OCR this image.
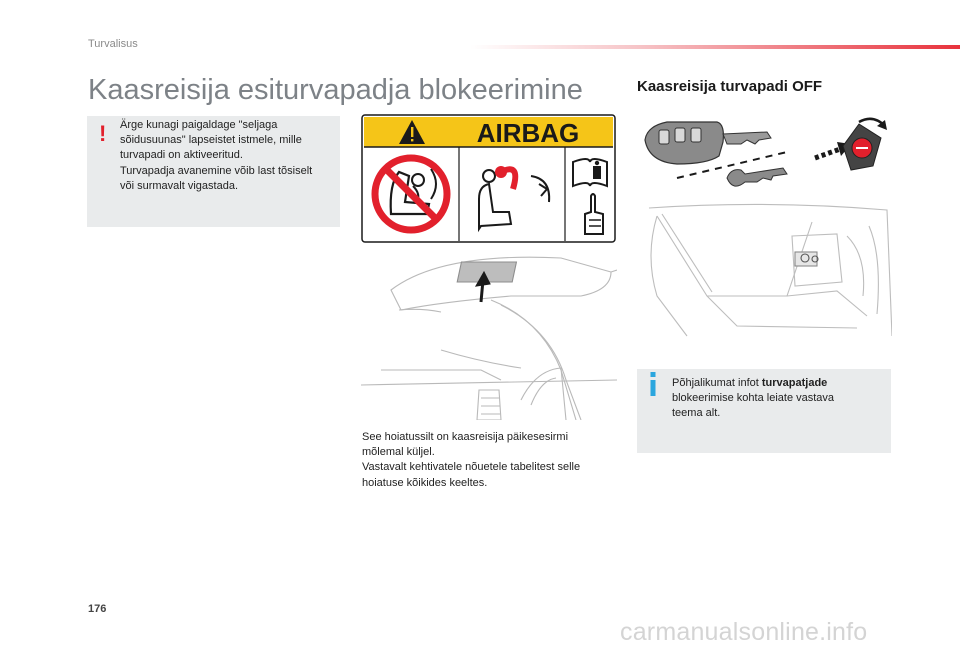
Turvalisus
Kaasreisija esiturvapadja blokeerimine	Kaasreisija turvapadi OFF
! Ärge kunagi paigaldage "seljaga
sõidusuunas" lapseistet istmele, mille
turvapadi on aktiveeritud.
Turvapadja avanemine võib last tõsiselt
või surmavalt vigastada.
AIRBAG
See hoiatussilt on kaasreisija päikesesirmi
mõlemal küljel.
Vastavalt kehtivatele nõuetele tabelitest selle
hoiatuse kõikides keeltes.
Põhjalikumat infot turvapatjade
blokeerimise kohta leiate vastava
teema alt.
176
carmanualsonline.info
